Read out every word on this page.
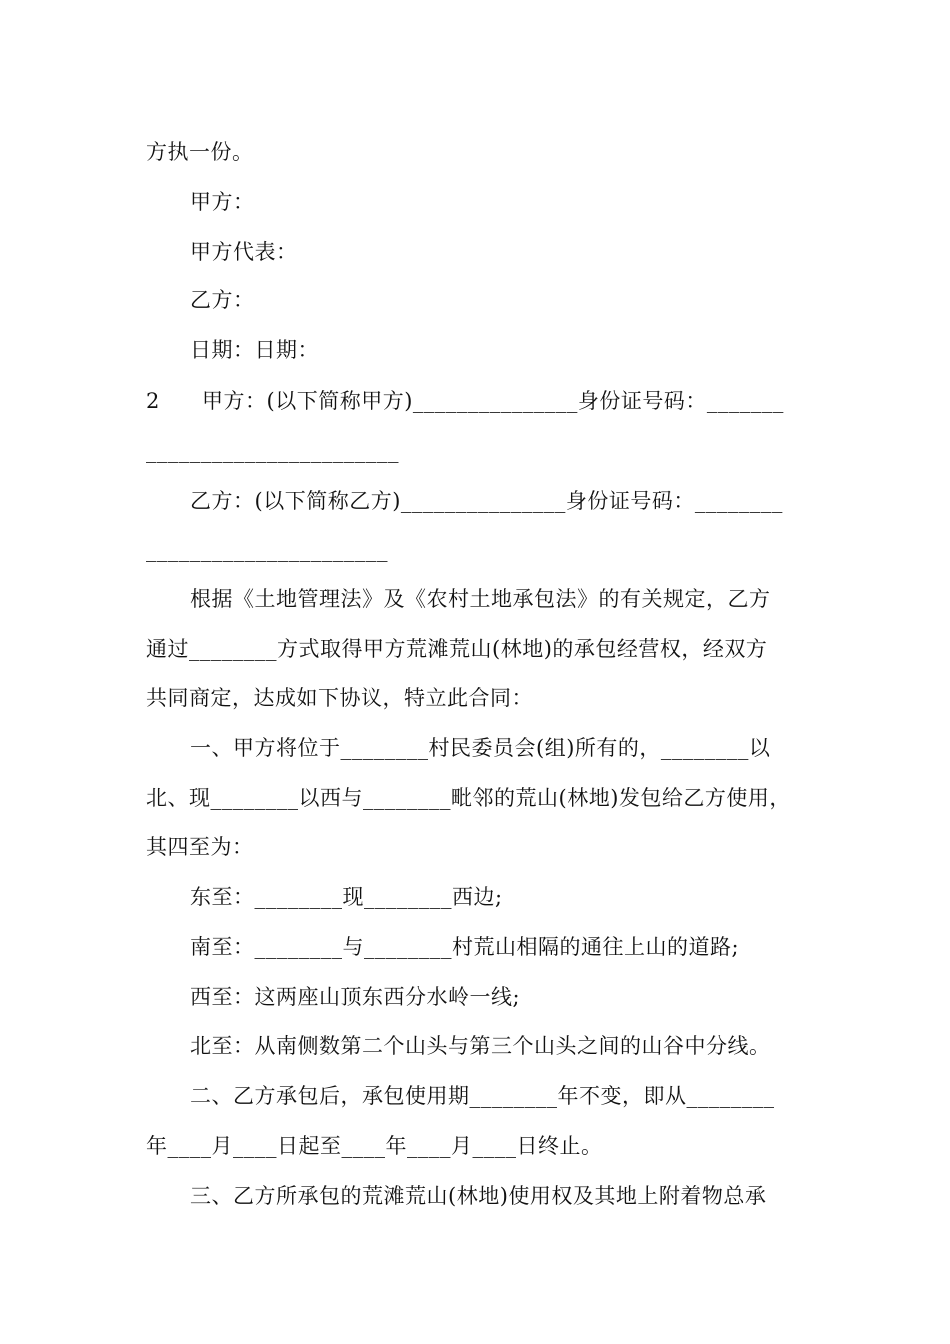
方执一份。
甲方：
甲方代表：
乙方：
日期：日期：
2 甲方：(以下简称甲方)_______________身份证号码：_______
_______________________
乙方：(以下简称乙方)_______________身份证号码：________
______________________
根据《土地管理法》及《农村土地承包法》的有关规定，乙方
通过________方式取得甲方荒滩荒山(林地)的承包经营权，经双方
共同商定，达成如下协议，特立此合同：
一、甲方将位于________村民委员会(组)所有的，________以
北、现________以西与________毗邻的荒山(林地)发包给乙方使用，
其四至为：
东至：________现________西边;
南至：________与________村荒山相隔的通往上山的道路;
西至：这两座山顶东西分水岭一线;
北至：从南侧数第二个山头与第三个山头之间的山谷中分线。
二、乙方承包后，承包使用期________年不变，即从________
年____月____日起至____年____月____日终止。
三、乙方所承包的荒滩荒山(林地)使用权及其地上附着物总承
